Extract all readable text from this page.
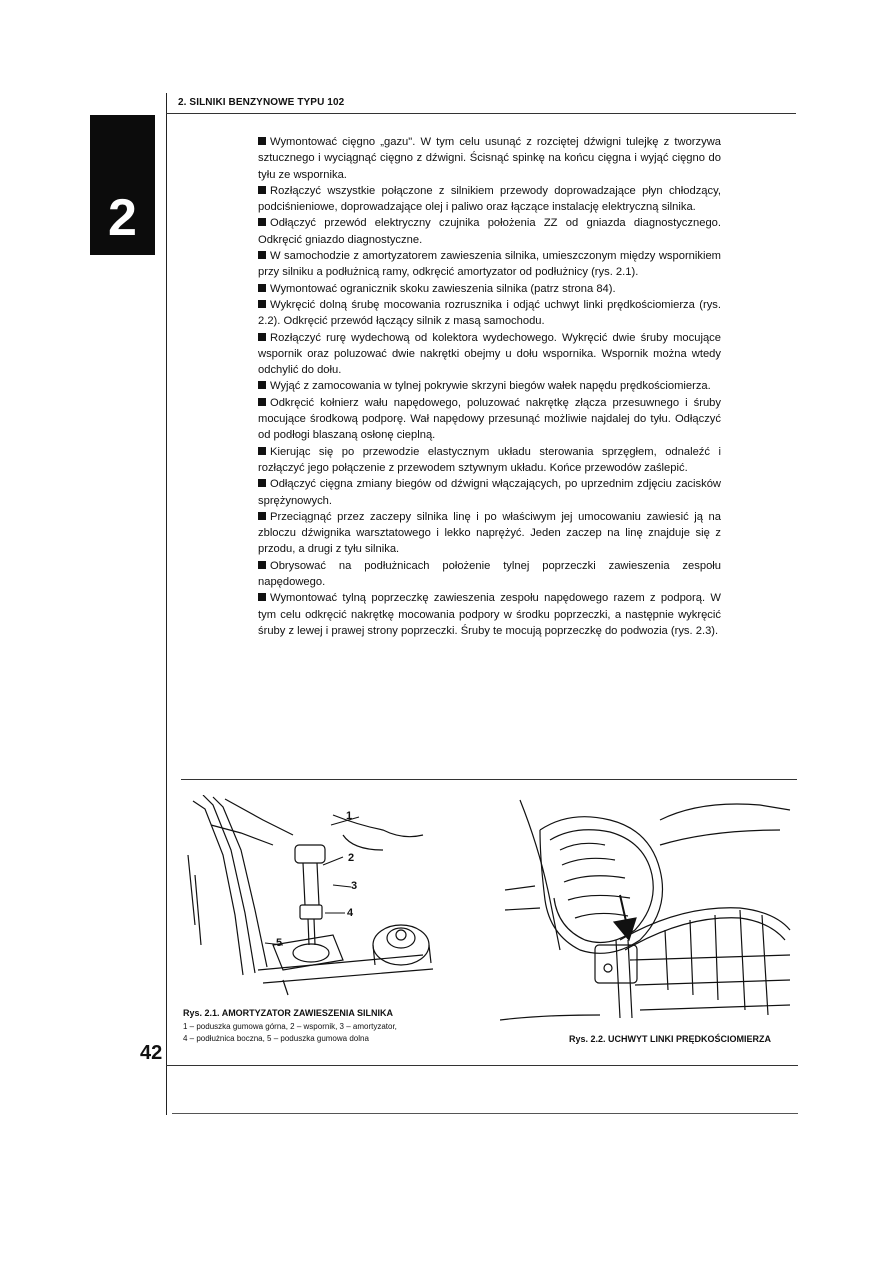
2. SILNIKI BENZYNOWE TYPU 102
2

Wymontować cięgno „gazu". W tym celu usunąć z rozciętej dźwigni tulejkę z tworzywa sztucznego i wyciągnąć cięgno z dźwigni. Ścisnąć spinkę na końcu cięgna i wyjąć cięgno do tyłu ze wspornika.

Rozłączyć wszystkie połączone z silnikiem przewody doprowadzające płyn chłodzący, podciśnieniowe, doprowadzające olej i paliwo oraz łączące instalację elektryczną silnika.

Odłączyć przewód elektryczny czujnika położenia ZZ od gniazda diagnostycznego. Odkręcić gniazdo diagnostyczne.

W samochodzie z amortyzatorem zawieszenia silnika, umieszczonym między wspornikiem przy silniku a podłużnicą ramy, odkręcić amortyzator od podłużnicy (rys. 2.1).

Wymontować ogranicznik skoku zawieszenia silnika (patrz strona 84).

Wykręcić dolną śrubę mocowania rozrusznika i odjąć uchwyt linki prędkościomierza (rys. 2.2). Odkręcić przewód łączący silnik z masą samochodu.

Rozłączyć rurę wydechową od kolektora wydechowego. Wykręcić dwie śruby mocujące wspornik oraz poluzować dwie nakrętki obejmy u dołu wspornika. Wspornik można wtedy odchylić do dołu.

Wyjąć z zamocowania w tylnej pokrywie skrzyni biegów wałek napędu prędkościomierza.

Odkręcić kołnierz wału napędowego, poluzować nakrętkę złącza przesuwnego i śruby mocujące środkową podporę. Wał napędowy przesunąć możliwie najdalej do tyłu. Odłączyć od podłogi blaszaną osłonę cieplną.

Kierując się po przewodzie elastycznym układu sterowania sprzęgłem, odnaleźć i rozłączyć jego połączenie z przewodem sztywnym układu. Końce przewodów zaślepić.

Odłączyć cięgna zmiany biegów od dźwigni włączających, po uprzednim zdjęciu zacisków sprężynowych.

Przeciągnąć przez zaczepy silnika linę i po właściwym jej umocowaniu zawiesić ją na zbloczu dźwignika warsztatowego i lekko naprężyć. Jeden zaczep na linę znajduje się z przodu, a drugi z tyłu silnika.

Obrysować na podłużnicach położenie tylnej poprzeczki zawieszenia zespołu napędowego.

Wymontować tylną poprzeczkę zawieszenia zespołu napędowego razem z podporą. W tym celu odkręcić nakrętkę mocowania podpory w środku poprzeczki, a następnie wykręcić śruby z lewej i prawej strony poprzeczki. Śruby te mocują poprzeczkę do podwozia (rys. 2.3).

1
2
3
4
5
Rys. 2.1. AMORTYZATOR ZAWIESZENIA SILNIKA
1 – poduszka gumowa górna, 2 – wspornik, 3 – amortyzator,
4 – podłużnica boczna, 5 – poduszka gumowa dolna	Rys. 2.2. UCHWYT LINKI PRĘDKOŚCIOMIERZA
42
